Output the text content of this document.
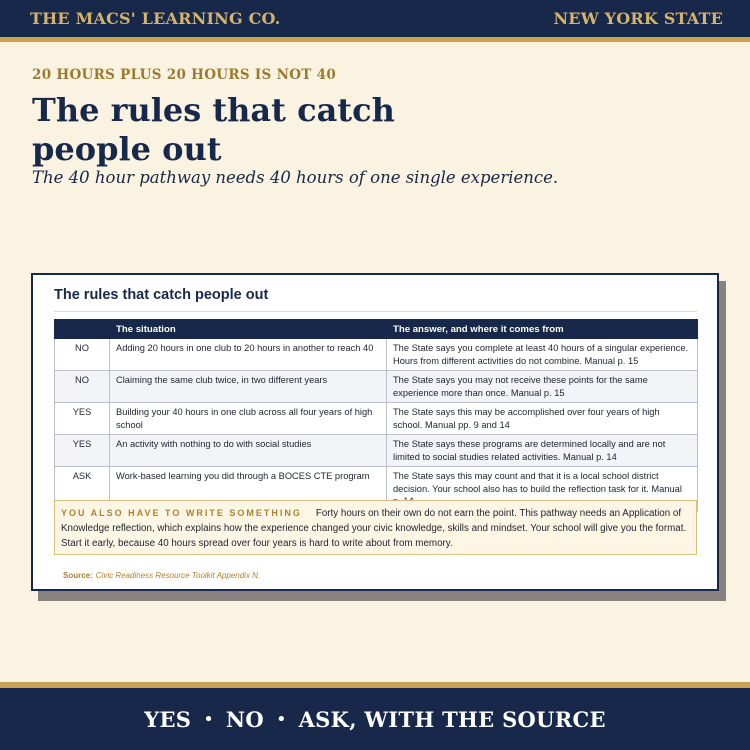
THE MACS' LEARNING CO.	NEW YORK STATE
20 HOURS PLUS 20 HOURS IS NOT 40
The rules that catch people out
The 40 hour pathway needs 40 hours of one single experience.
The rules that catch people out
	The situation	The answer, and where it comes from
NO	Adding 20 hours in one club to 20 hours in another to reach 40	The State says you complete at least 40 hours of a singular experience. Hours from different activities do not combine. Manual p. 15
NO	Claiming the same club twice, in two different years	The State says you may not receive these points for the same experience more than once. Manual p. 15
YES	Building your 40 hours in one club across all four years of high school	The State says this may be accomplished over four years of high school. Manual pp. 9 and 14
YES	An activity with nothing to do with social studies	The State says these programs are determined locally and are not limited to social studies related activities. Manual p. 14
ASK	Work-based learning you did through a BOCES CTE program	The State says this may count and that it is a local school district decision. Your school also has to build the reflection task for it. Manual
YOU ALSO HAVE TO WRITE SOMETHING Forty hours on their own do not earn the point. This pathway needs an Application of Knowledge reflection, which explains how the experience changed your civic knowledge, skills and mindset. Your school will give you the format. Start it early, because 40 hours spread over four years is hard to write about from memory.
Source: Civic Readiness Resource Toolkit Appendix N.
YES • NO • ASK, WITH THE SOURCE
